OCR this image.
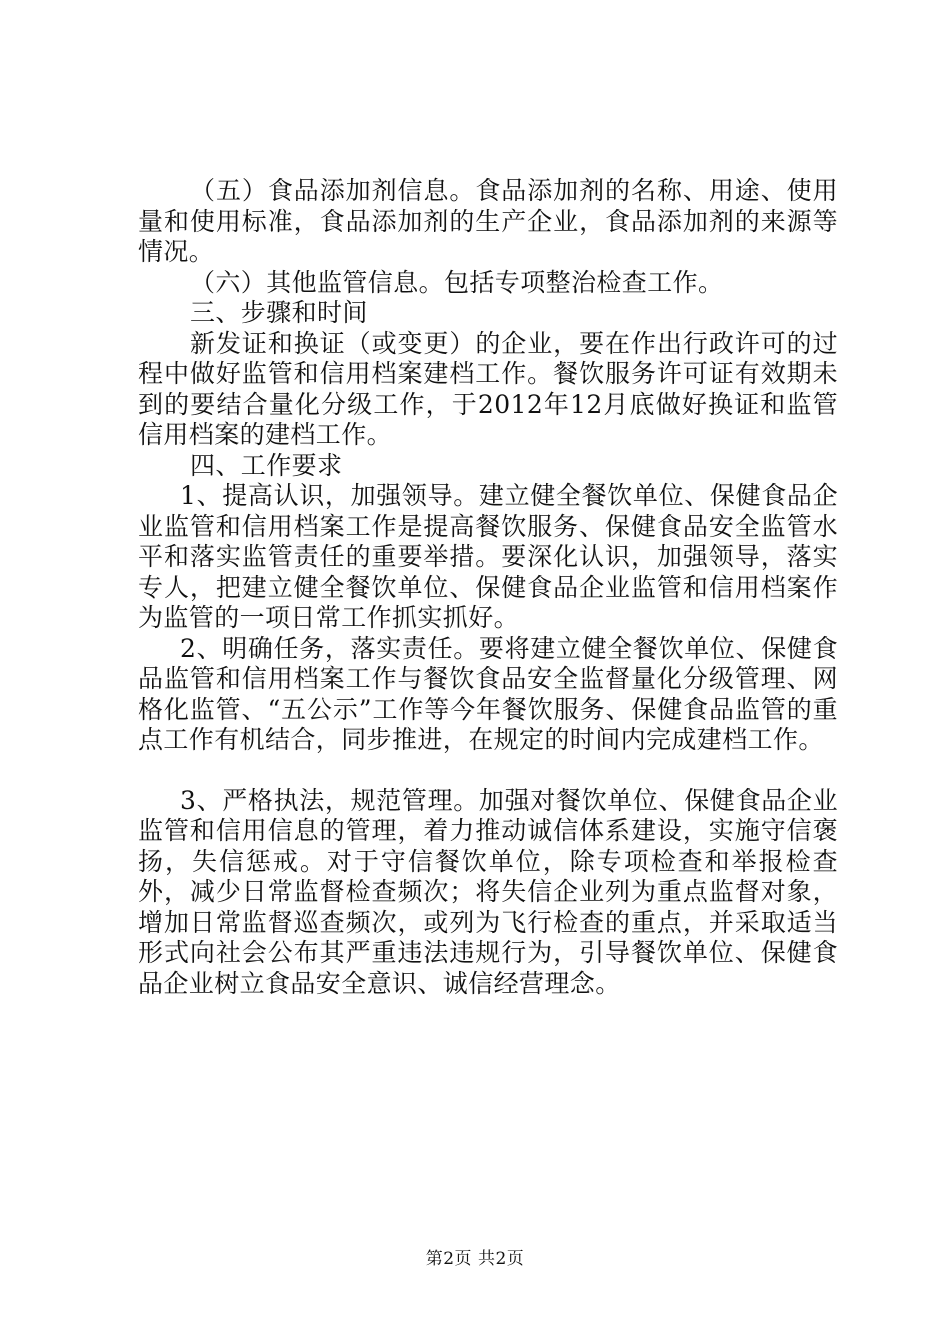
（五）食品添加剂信息。食品添加剂的名称、用途、使用量和使用标准，食品添加剂的生产企业，食品添加剂的来源等情况。

（六）其他监管信息。包括专项整治检查工作。

三、步骤和时间

新发证和换证（或变更）的企业，要在作出行政许可的过程中做好监管和信用档案建档工作。餐饮服务许可证有效期未到的要结合量化分级工作，于2012年12月底做好换证和监管信用档案的建档工作。

四、工作要求

1、提高认识，加强领导。建立健全餐饮单位、保健食品企业监管和信用档案工作是提高餐饮服务、保健食品安全监管水平和落实监管责任的重要举措。要深化认识，加强领导，落实专人，把建立健全餐饮单位、保健食品企业监管和信用档案作为监管的一项日常工作抓实抓好。

2、明确任务，落实责任。要将建立健全餐饮单位、保健食品监管和信用档案工作与餐饮食品安全监督量化分级管理、网格化监管、“五公示”工作等今年餐饮服务、保健食品监管的重点工作有机结合，同步推进，在规定的时间内完成建档工作。

3、严格执法，规范管理。加强对餐饮单位、保健食品企业监管和信用信息的管理，着力推动诚信体系建设，实施守信褒扬，失信惩戒。对于守信餐饮单位，除专项检查和举报检查外，减少日常监督检查频次；将失信企业列为重点监督对象，增加日常监督巡查频次，或列为飞行检查的重点，并采取适当形式向社会公布其严重违法违规行为，引导餐饮单位、保健食品企业树立食品安全意识、诚信经营理念。

第2页 共2页
